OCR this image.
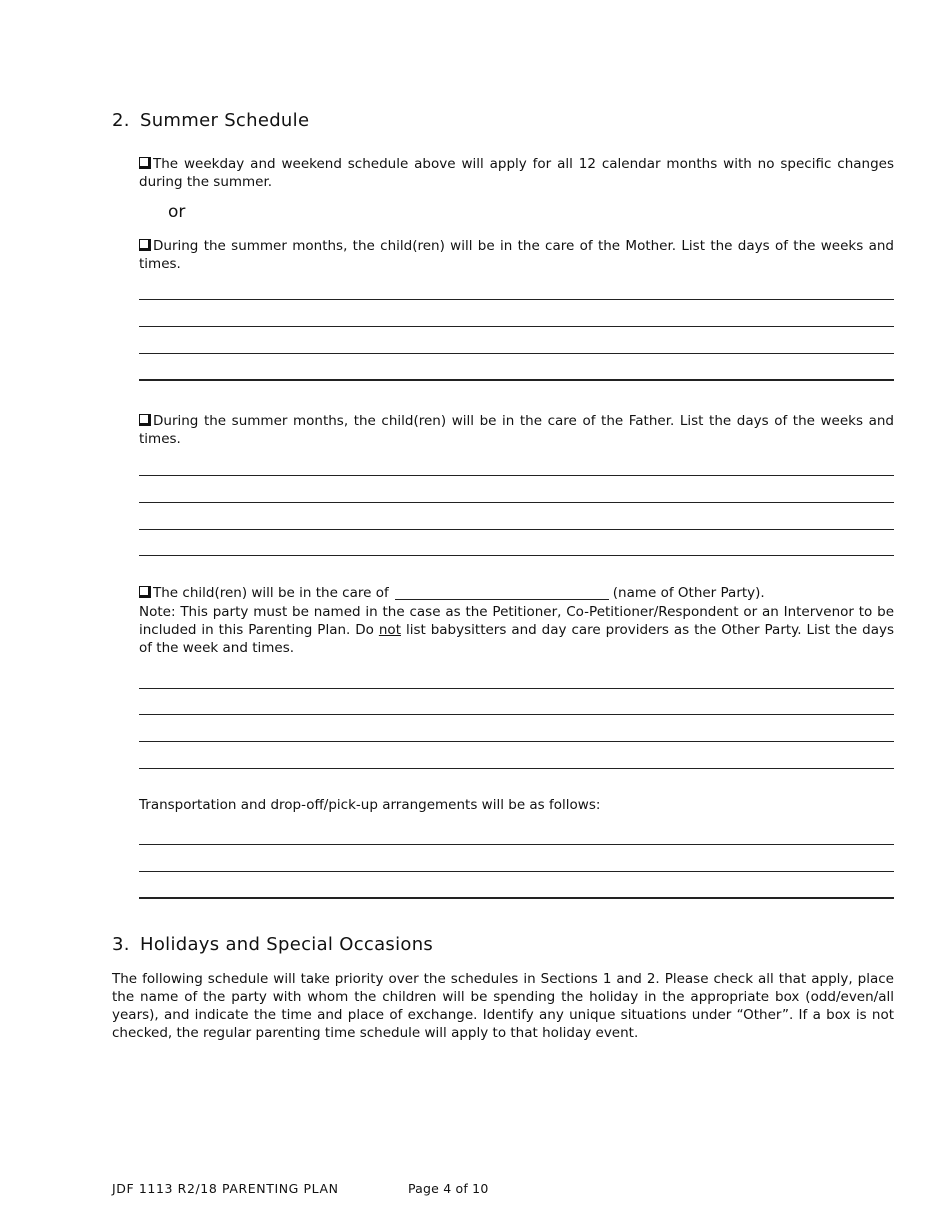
2. Summer Schedule
The weekday and weekend schedule above will apply for all 12 calendar months with no specific changes during the summer.
or
During the summer months, the child(ren) will be in the care of the Mother. List the days of the weeks and times.
During the summer months, the child(ren) will be in the care of the Father. List the days of the weeks and times.
The child(ren) will be in the care of	(name of Other Party).
Note: This party must be named in the case as the Petitioner, Co-Petitioner/Respondent or an Intervenor to be included in this Parenting Plan. Do not list babysitters and day care providers as the Other Party. List the days of the week and times.
Transportation and drop-off/pick-up arrangements will be as follows:
3. Holidays and Special Occasions
The following schedule will take priority over the schedules in Sections 1 and 2. Please check all that apply, place the name of the party with whom the children will be spending the holiday in the appropriate box (odd/even/all years), and indicate the time and place of exchange. Identify any unique situations under “Other”. If a box is not checked, the regular parenting time schedule will apply to that holiday event.
JDF 1113 R2/18 PARENTING PLAN	Page 4 of 10
